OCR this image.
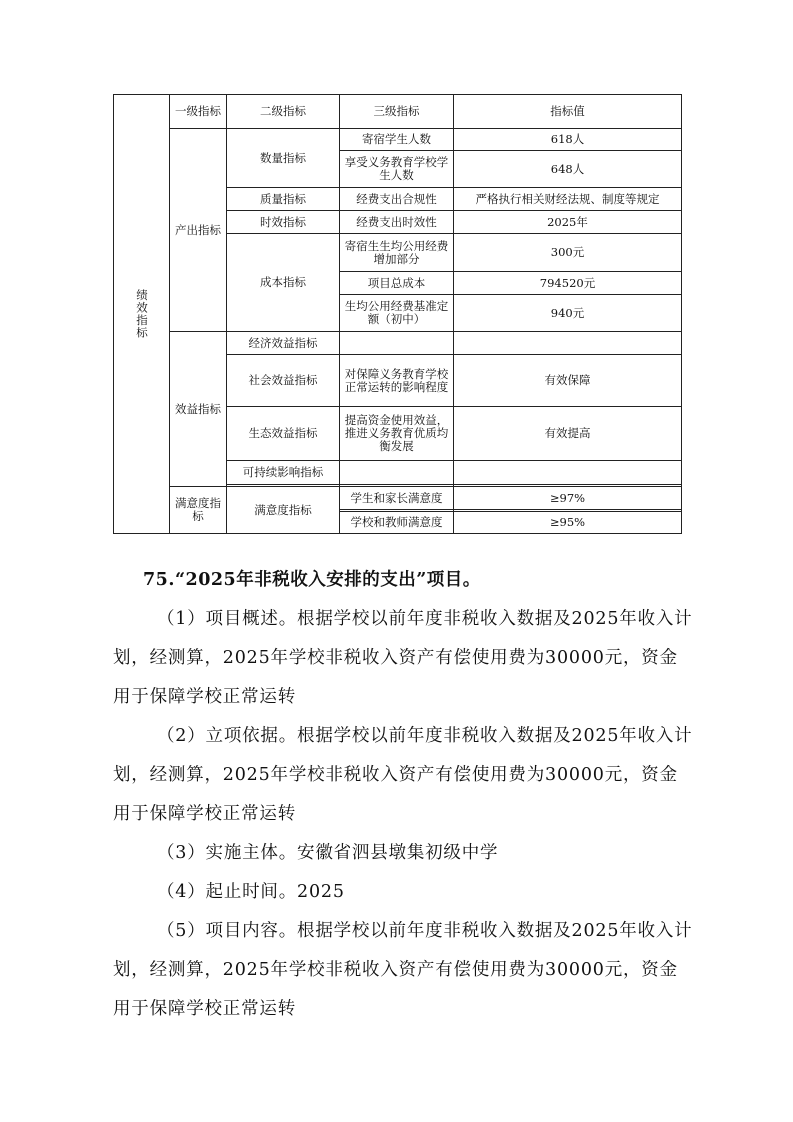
绩效指标	一级指标	二级指标	三级指标	指标值
	产出指标	数量指标	寄宿学生人数	618人
			享受义务教育学校学生人数	648人
		质量指标	经费支出合规性	严格执行相关财经法规、制度等规定
		时效指标	经费支出时效性	2025年
		成本指标	寄宿生生均公用经费增加部分	300元
			项目总成本	794520元
			生均公用经费基准定额（初中）	940元
	效益指标	经济效益指标		
		社会效益指标	对保障义务教育学校正常运转的影响程度	有效保障
		生态效益指标	提高资金使用效益，推进义务教育优质均衡发展	有效提高
		可持续影响指标		

	满意度指标	满意度指标	学生和家长满意度	≥97%

			学校和教师满意度	≥95%

75.“2025年非税收入安排的支出”项目。

（1）项目概述。根据学校以前年度非税收入数据及2025年收入计划，经测算，2025年学校非税收入资产有偿使用费为30000元，资金用于保障学校正常运转

（2）立项依据。根据学校以前年度非税收入数据及2025年收入计划，经测算，2025年学校非税收入资产有偿使用费为30000元，资金用于保障学校正常运转

（3）实施主体。安徽省泗县墩集初级中学

（4）起止时间。2025

（5）项目内容。根据学校以前年度非税收入数据及2025年收入计划，经测算，2025年学校非税收入资产有偿使用费为30000元，资金用于保障学校正常运转
